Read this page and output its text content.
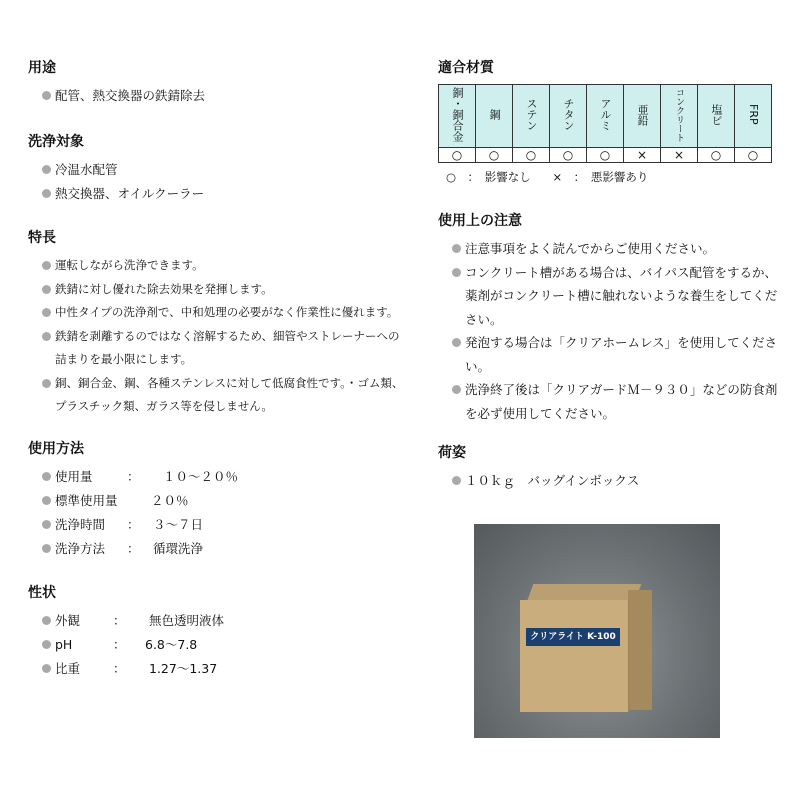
用途
配管、熱交換器の鉄錆除去
洗浄対象
冷温水配管
熱交換器、オイルクーラー
特長
運転しながら洗浄できます。
鉄錆に対し優れた除去効果を発揮します。
中性タイプの洗浄剤で、中和処理の必要がなく作業性に優れます。
鉄錆を剥離するのではなく溶解するため、細管やストレーナーへの詰まりを最小限にします。
銅、銅合金、鋼、各種ステンレスに対して低腐食性です。・ゴム類、プラスチック類、ガラス等を侵しません。
使用方法
使用量	： １０～２０％
標準使用量	２０％
洗浄時間 ： ３～７日
洗浄方法 ： 循環洗浄
性状
外観	： 無色透明液体
pH	： 6.8～7.8
比重	： 1.27～1.37
適合材質
銅・銅合金	鋼	ステン	チタン	アルミ	亜鉛	コンクリート	塩ビ	FRP
○	○	○	○	○	×	×	○	○
○　：　影響なし ×　：　悪影響あり
使用上の注意
注意事項をよく読んでからご使用ください。
コンクリート槽がある場合は、バイパス配管をするか、薬剤がコンクリート槽に触れないような養生をしてください。
発泡する場合は「クリアホームレス」を使用してください。
洗浄終了後は「クリアガードＭ－９３０」などの防食剤を必ず使用してください。
荷姿
１０ｋｇ　バッグインボックス
クリアライト K-100
